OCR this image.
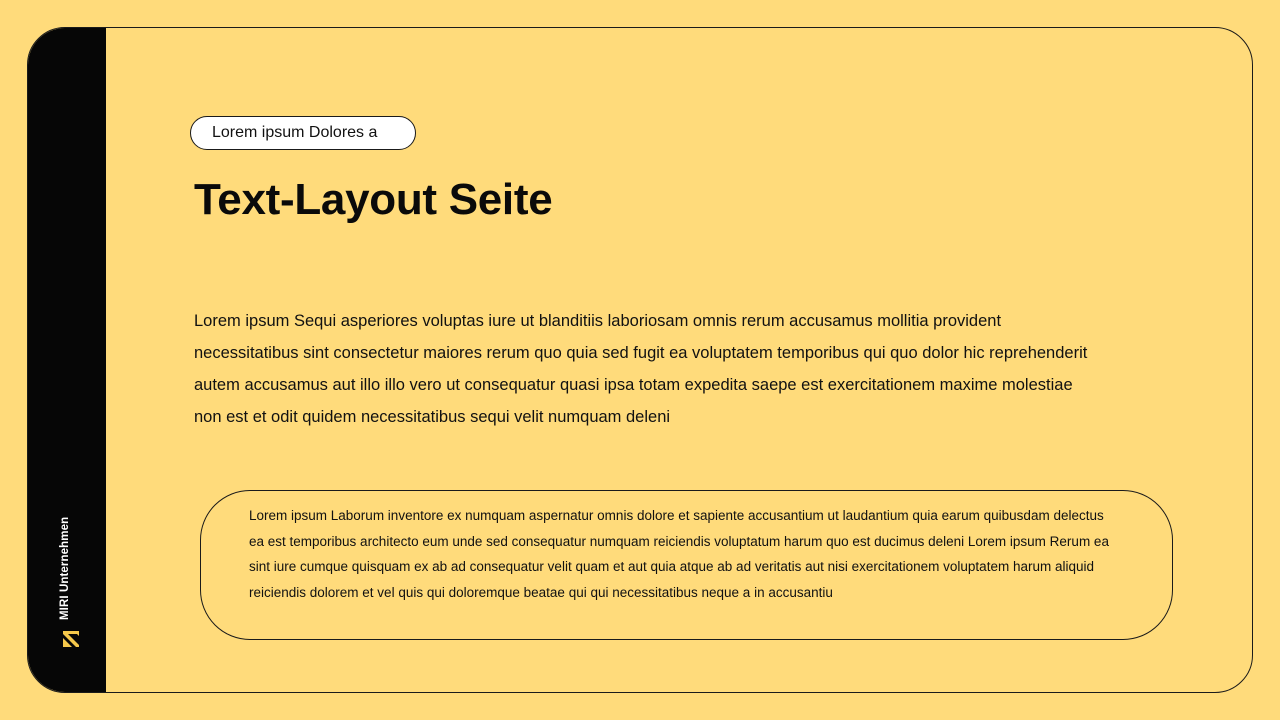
MIRI Unternehmen
Lorem ipsum Dolores a
Text-Layout Seite

Lorem ipsum Sequi asperiores voluptas iure ut blanditiis laboriosam omnis rerum accusamus mollitia provident necessitatibus sint consectetur maiores rerum quo quia sed fugit ea voluptatem temporibus qui quo dolor hic reprehenderit autem accusamus aut illo illo vero ut consequatur quasi ipsa totam expedita saepe est exercitationem maxime molestiae non est et odit quidem necessitatibus sequi velit numquam deleni

Lorem ipsum Laborum inventore ex numquam aspernatur omnis dolore et sapiente accusantium ut laudantium quia earum quibusdam delectus ea est temporibus architecto eum unde sed consequatur numquam reiciendis voluptatum harum quo est ducimus deleni Lorem ipsum Rerum ea sint iure cumque quisquam ex ab ad consequatur velit quam et aut quia atque ab ad veritatis aut nisi exercitationem voluptatem harum aliquid reiciendis dolorem et vel quis qui doloremque beatae qui qui necessitatibus neque a in accusantiu
